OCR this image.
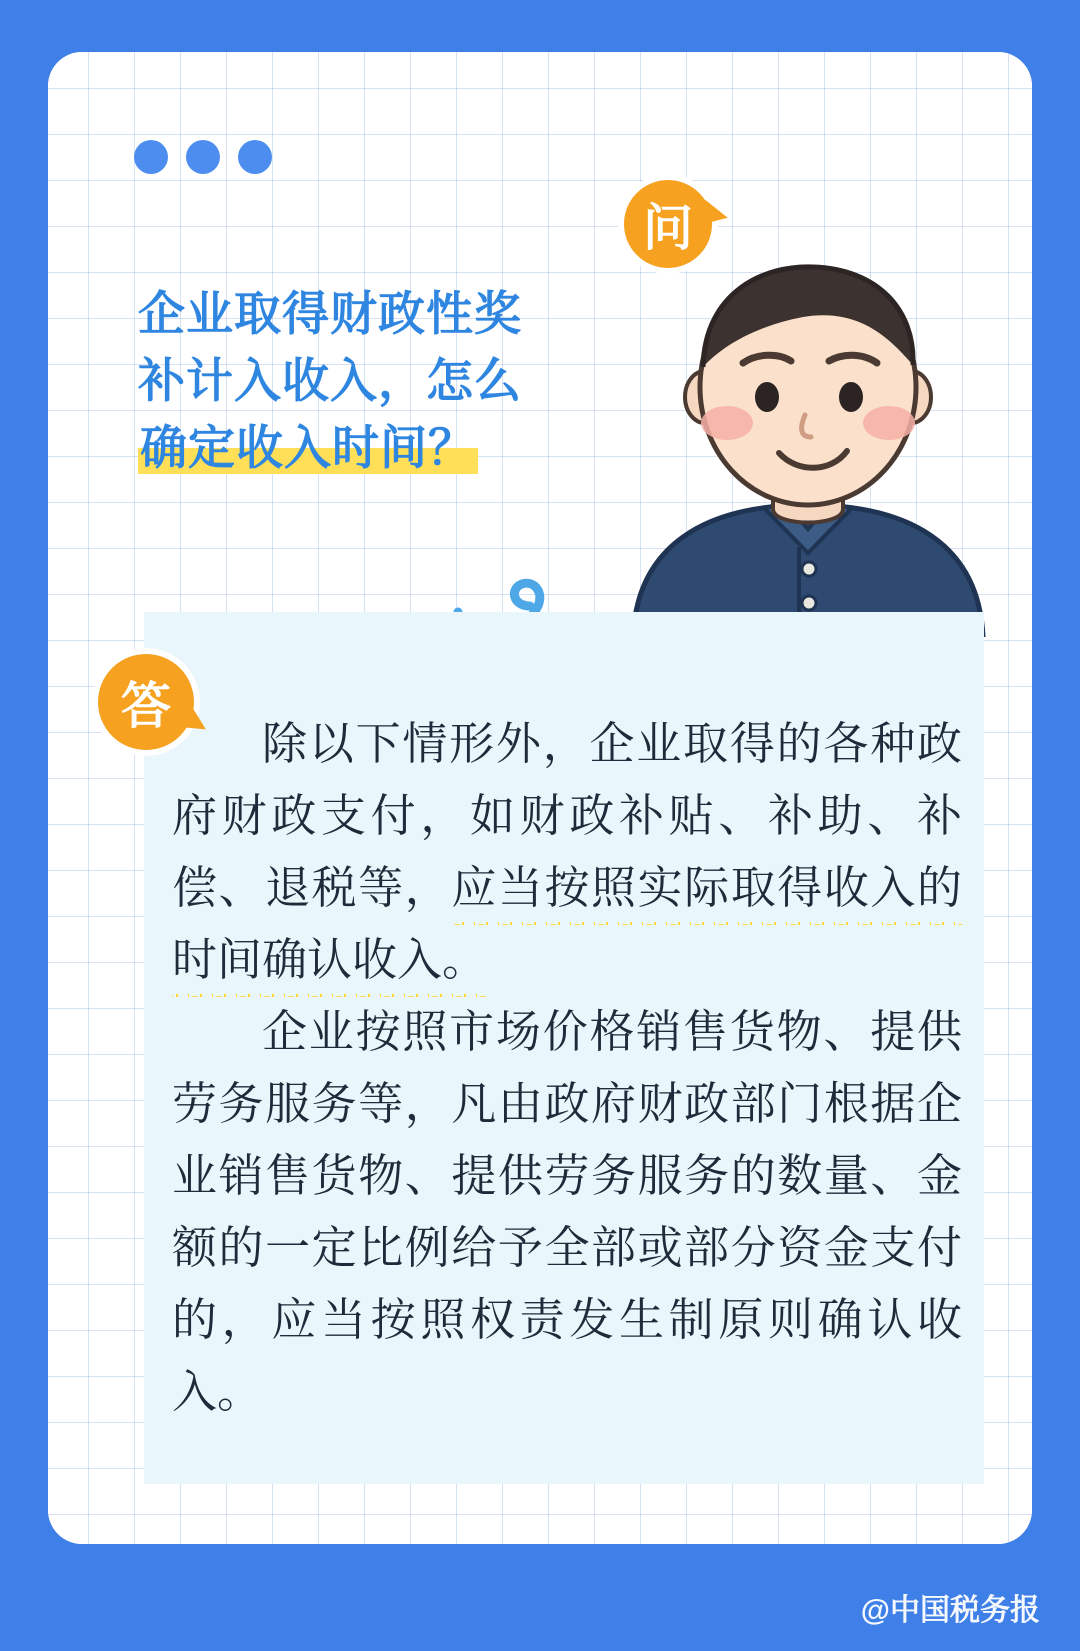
问
企业取得财政性奖
补计入收入，怎么
确定收入时间？

除以下情形外，企业取得的各种政府财政支付，如财政补贴、补助、补偿、退税等，应当按照实际取得收入的时间确认收入。

企业按照市场价格销售货物、提供劳务服务等，凡由政府财政部门根据企业销售货物、提供劳务服务的数量、金额的一定比例给予全部或部分资金支付的，应当按照权责发生制原则确认收入。

答
@中国税务报
